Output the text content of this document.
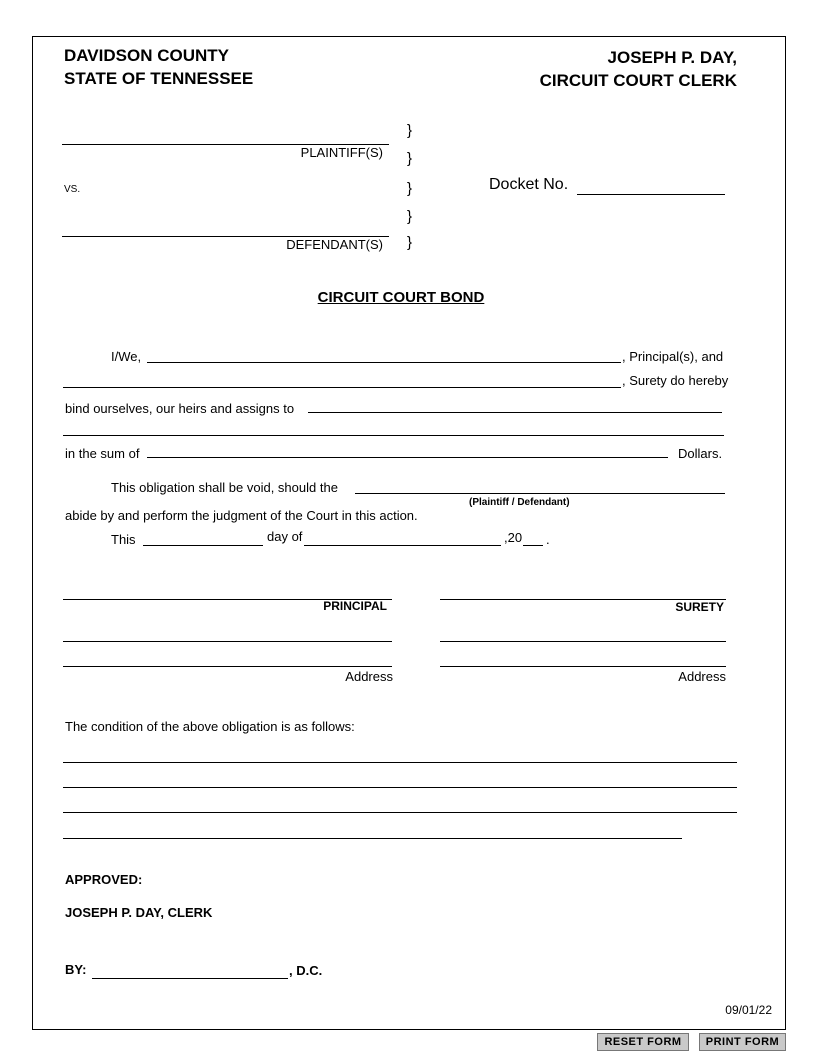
DAVIDSON COUNTY
STATE OF TENNESSEE
JOSEPH P. DAY,
CIRCUIT COURT CLERK
PLAINTIFF(S)
VS.
DEFENDANT(S)
}
}
}
}
}
Docket No.
CIRCUIT COURT BOND
I/We,	, Principal(s), and
, Surety do hereby
bind ourselves, our heirs and assigns to
in the sum of	Dollars.
This obligation shall be void, should the
(Plaintiff / Defendant)
abide by and perform the judgment of the Court in this action.
This	day of	,20 .
PRINCIPAL	SURETY
Address	Address
The condition of the above obligation is as follows:
APPROVED:
JOSEPH P. DAY, CLERK
BY:	, D.C.
09/01/22
RESET FORM	PRINT FORM
